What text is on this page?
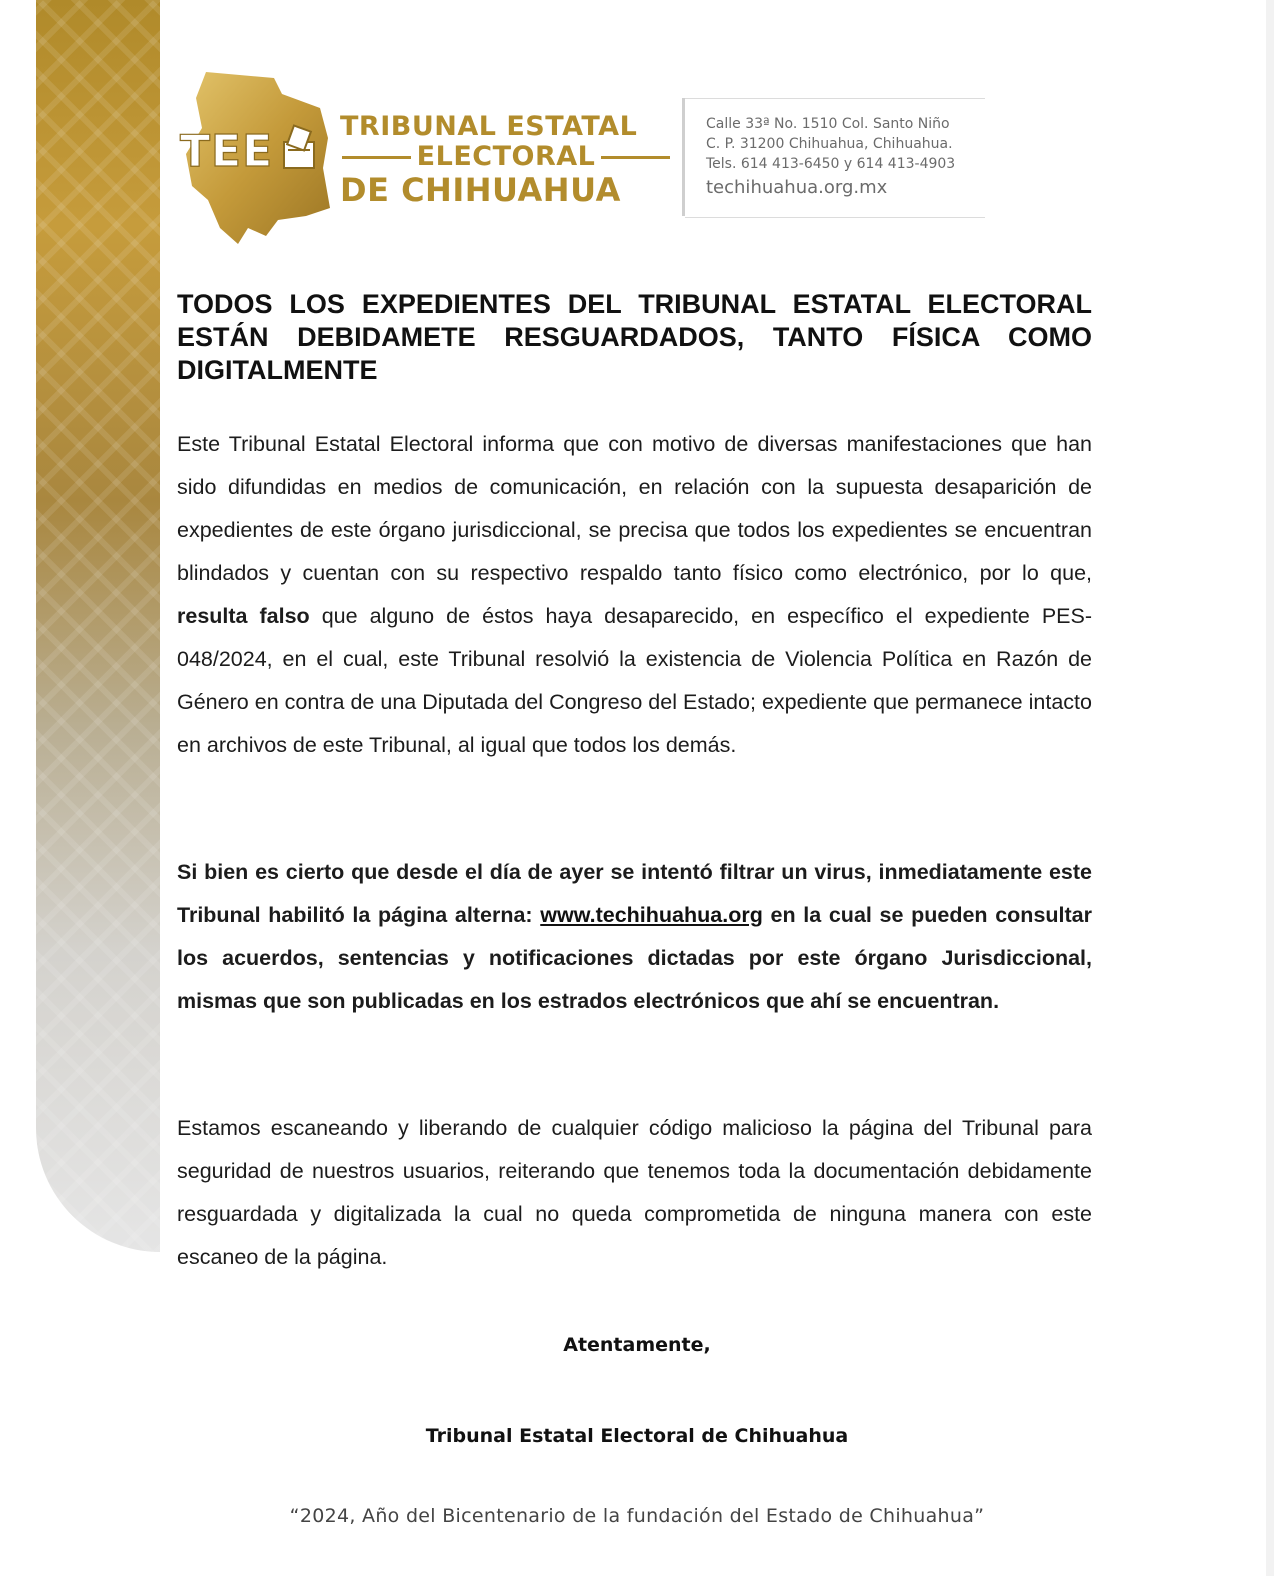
TEE TRIBUNAL ESTATAL
ELECTORAL
DE CHIHUAHUA
Calle 33ª No. 1510 Col. Santo Niño
C. P. 31200 Chihuahua, Chihuahua.
Tels. 614 413-6450 y 614 413-4903
techihuahua.org.mx
TODOS LOS EXPEDIENTES DEL TRIBUNAL ESTATAL ELECTORAL ESTÁN DEBIDAMETE RESGUARDADOS, TANTO FÍSICA COMO DIGITALMENTE
Este Tribunal Estatal Electoral informa que con motivo de diversas manifestaciones que han sido difundidas en medios de comunicación, en relación con la supuesta desaparición de expedientes de este órgano jurisdiccional, se precisa que todos los expedientes se encuentran blindados y cuentan con su respectivo respaldo tanto físico como electrónico, por lo que, resulta falso que alguno de éstos haya desaparecido, en específico el expediente PES-048/2024, en el cual, este Tribunal resolvió la existencia de Violencia Política en Razón de Género en contra de una Diputada del Congreso del Estado; expediente que permanece intacto en archivos de este Tribunal, al igual que todos los demás.
Si bien es cierto que desde el día de ayer se intentó filtrar un virus, inmediatamente este Tribunal habilitó la página alterna: www.techihuahua.org en la cual se pueden consultar los acuerdos, sentencias y notificaciones dictadas por este órgano Jurisdiccional, mismas que son publicadas en los estrados electrónicos que ahí se encuentran.
Estamos escaneando y liberando de cualquier código malicioso la página del Tribunal para seguridad de nuestros usuarios, reiterando que tenemos toda la documentación debidamente resguardada y digitalizada la cual no queda comprometida de ninguna manera con este escaneo de la página.
Atentamente,
Tribunal Estatal Electoral de Chihuahua
“2024, Año del Bicentenario de la fundación del Estado de Chihuahua”
